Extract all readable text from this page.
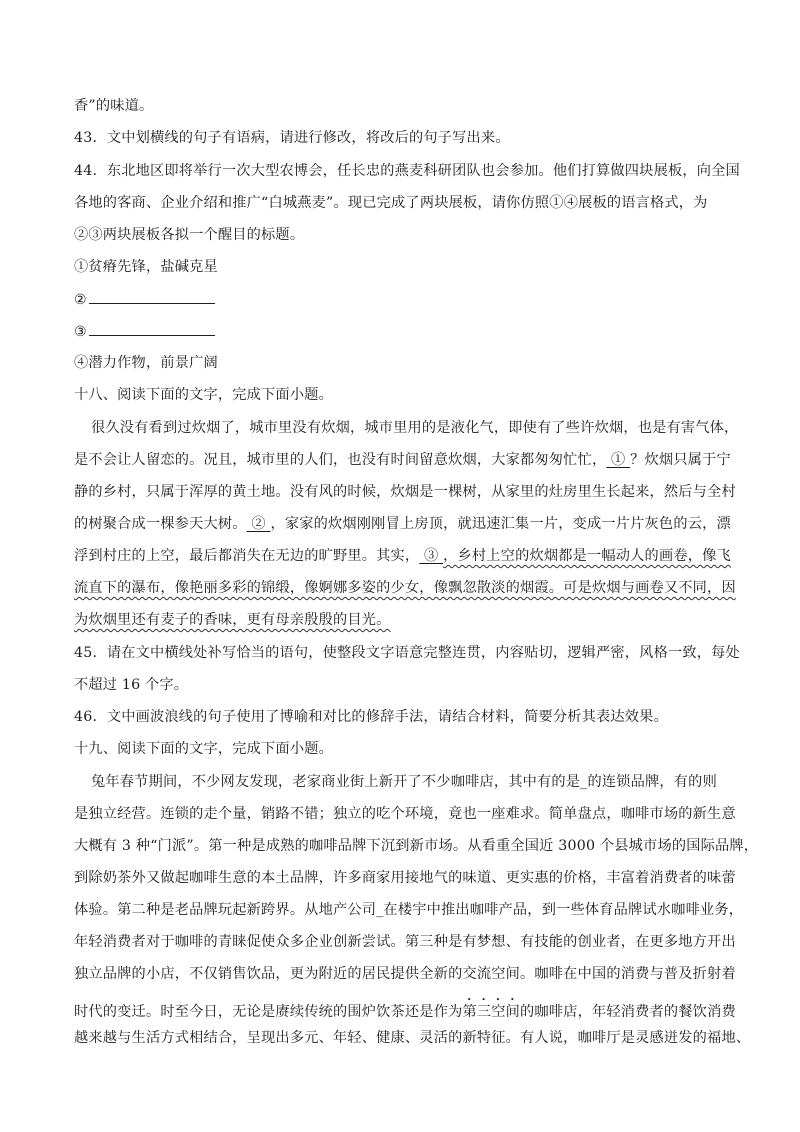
香”的味道。
43．文中划横线的句子有语病，请进行修改，将改后的句子写出来。
44．东北地区即将举行一次大型农博会，任长忠的燕麦科研团队也会参加。他们打算做四块展板，向全国
各地的客商、企业介绍和推广“白城燕麦”。现已完成了两块展板，请你仿照①④展板的语言格式，为
②③两块展板各拟一个醒目的标题。
①贫瘠先锋，盐碱克星
②
③
④潜力作物，前景广阔
十八、阅读下面的文字，完成下面小题。
很久没有看到过炊烟了，城市里没有炊烟，城市里用的是液化气，即使有了些许炊烟，也是有害气体，
是不会让人留恋的。况且，城市里的人们，也没有时间留意炊烟，大家都匆匆忙忙， ① ？炊烟只属于宁
静的乡村，只属于浑厚的黄土地。没有风的时候，炊烟是一棵树，从家里的灶房里生长起来，然后与全村
的树聚合成一棵参天大树。 ② ，家家的炊烟刚刚冒上房顶，就迅速汇集一片，变成一片片灰色的云，漂
浮到村庄的上空，最后都消失在无边的旷野里。其实， ③ ，乡村上空的炊烟都是一幅动人的画卷，像飞
流直下的瀑布，像艳丽多彩的锦缎，像婀娜多姿的少女，像飘忽散淡的烟霞。可是炊烟与画卷又不同，因
为炊烟里还有麦子的香味，更有母亲殷殷的目光。
45．请在文中横线处补写恰当的语句，使整段文字语意完整连贯，内容贴切，逻辑严密，风格一致，每处
不超过 16 个字。
46．文中画波浪线的句子使用了博喻和对比的修辞手法，请结合材料，简要分析其表达效果。
十九、阅读下面的文字，完成下面小题。
兔年春节期间，不少网友发现，老家商业街上新开了不少咖啡店，其中有的是_的连锁品牌，有的则
是独立经营。连锁的走个量，销路不错；独立的吃个环境，竟也一座难求。简单盘点，咖啡市场的新生意
大概有 3 种“门派”。第一种是成熟的咖啡品牌下沉到新市场。从看重全国近 3000 个县城市场的国际品牌，
到除奶茶外又做起咖啡生意的本土品牌，许多商家用接地气的味道、更实惠的价格，丰富着消费者的味蕾
体验。第二种是老品牌玩起新跨界。从地产公司_在楼宇中推出咖啡产品，到一些体育品牌试水咖啡业务，
年轻消费者对于咖啡的青睐促使众多企业创新尝试。第三种是有梦想、有技能的创业者，在更多地方开出
独立品牌的小店，不仅销售饮品，更为附近的居民提供全新的交流空间。咖啡在中国的消费与普及折射着
时代的变迁。时至今日，无论是赓续传统的围炉饮茶还是作为第三空间的咖啡店，年轻消费者的餐饮消费
越来越与生活方式相结合，呈现出多元、年轻、健康、灵活的新特征。有人说，咖啡厅是灵感迸发的福地、
